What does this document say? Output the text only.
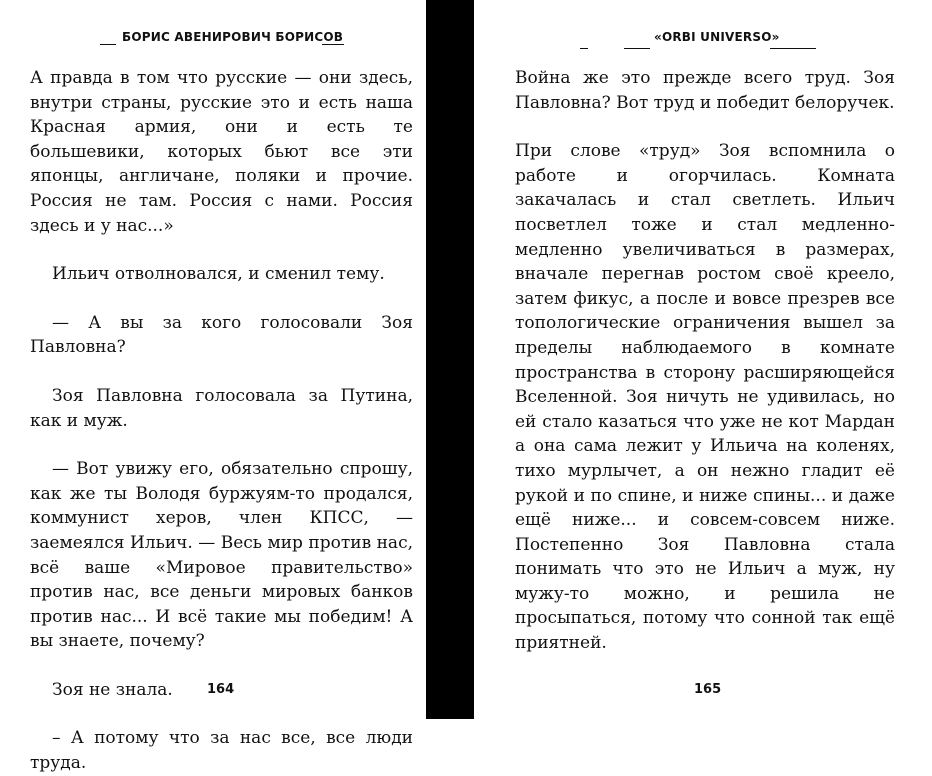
БОРИС АВЕНИРОВИЧ БОРИСОВ

А правда в том что русские — они здесь, внутри страны, русские это и есть наша Красная армия, они и есть те большевики, которых бьют все эти японцы, англичане, поляки и прочие. Россия не там. Россия с нами. Россия здесь и у нас...»

Ильич отволновался, и сменил тему.

— А вы за кого голосовали Зоя Павловна?

Зоя Павловна голосовала за Путина, как и муж.

— Вот увижу его, обязательно спрошу, как же ты Володя буржуям-то продался, коммунист херов, член КПСС, — заемеялся Ильич. — Весь мир против нас, всё ваше «Мировое правительство» против нас, все деньги мировых банков против нас... И всё такие мы победим! А вы знаете, почему?

Зоя не знала.

– А потому что за нас все, все люди труда.

164
«ORBI UNIVERSO»

Война же это прежде всего труд. Зоя Павловна? Вот труд и победит белоручек.

При слове «труд» Зоя вспомнила о работе и огорчилась. Комната закачалась и стал светлеть. Ильич посветлел тоже и стал медленно-медленно увеличиваться в размерах, вначале перегнав ростом своё креело, затем фикус, а после и вовсе презрев все топологические ограничения вышел за пределы наблюдаемого в комнате пространства в сторону расширяющейся Вселенной. Зоя ничуть не удивилась, но ей стало казаться что уже не кот Мардан а она сама лежит у Ильича на коленях, тихо мурлычет, а он нежно гладит её рукой и по спине, и ниже спины... и даже ещё ниже... и совсем-совсем ниже. Постепенно Зоя Павловна стала понимать что это не Ильич а муж, ну мужу-то можно, и решила не просыпаться, потому что сонной так ещё приятней.

165
